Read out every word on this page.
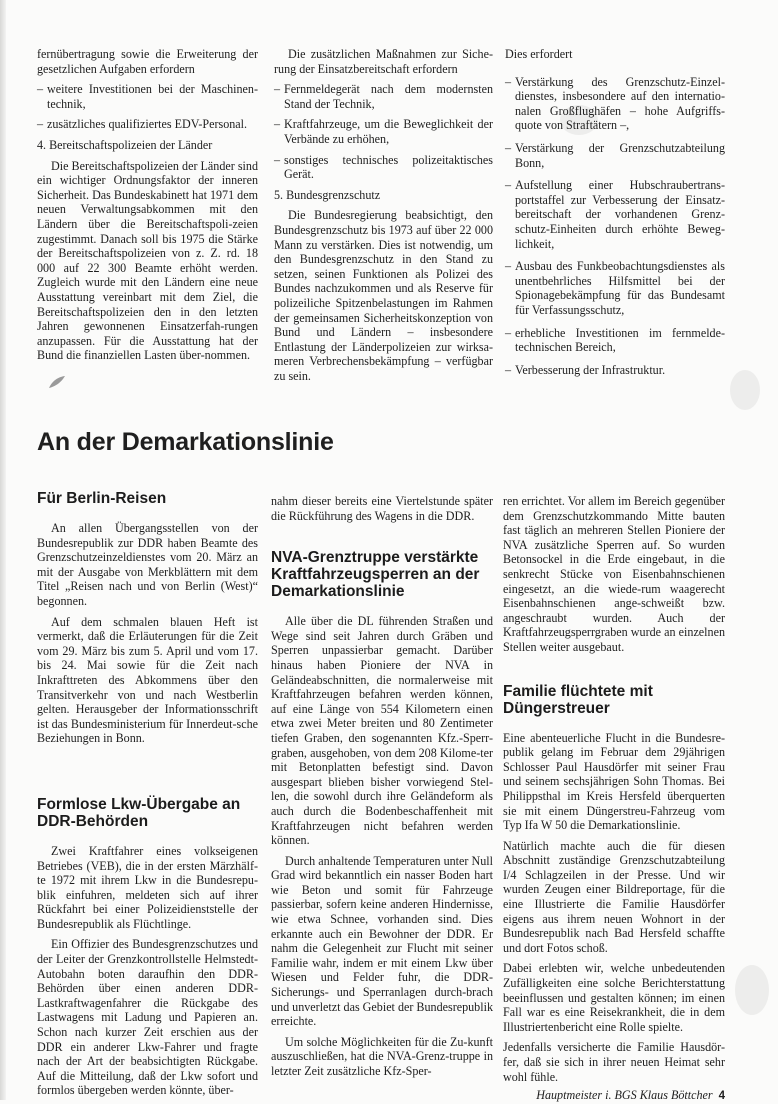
fernübertragung sowie die Erweiterung der gesetzlichen Aufgaben erfordern

– weitere Investitionen bei der Maschinen-technik,
– zusätzliches qualifiziertes EDV-Personal.
4. Bereitschaftspolizeien der Länder

Die Bereitschaftspolizeien der Länder sind ein wichtiger Ordnungsfaktor der inneren Sicherheit. Das Bundeskabinett hat 1971 dem neuen Verwaltungsabkommen mit den Ländern über die Bereitschaftspoli-zeien zugestimmt. Danach soll bis 1975 die Stärke der Bereitschaftspolizeien von z. Z. rd. 18 000 auf 22 300 Beamte erhöht werden. Zugleich wurde mit den Ländern eine neue Ausstattung vereinbart mit dem Ziel, die Bereitschaftspolizeien den in den letzten Jahren gewonnenen Einsatzerfah-rungen anzupassen. Für die Ausstattung hat der Bund die finanziellen Lasten über-nommen.

Die zusätzlichen Maßnahmen zur Siche-rung der Einsatzbereitschaft erfordern

– Fernmeldegerät nach dem modernsten Stand der Technik,
– Kraftfahrzeuge, um die Beweglichkeit der Verbände zu erhöhen,
– sonstiges technisches polizeitaktisches Gerät.
5. Bundesgrenzschutz

Die Bundesregierung beabsichtigt, den Bundesgrenzschutz bis 1973 auf über 22 000 Mann zu verstärken. Dies ist notwendig, um den Bundesgrenzschutz in den Stand zu setzen, seinen Funktionen als Polizei des Bundes nachzukommen und als Reserve für polizeiliche Spitzenbelastungen im Rahmen der gemeinsamen Sicherheitskonzeption von Bund und Ländern – insbesondere Entlastung der Länderpolizeien zur wirksa-meren Verbrechensbekämpfung – verfügbar zu sein.

Dies erfordert

– Verstärkung des Grenzschutz-Einzel-dienstes, insbesondere auf den internatio-nalen Großflughäfen – hohe Aufgriffs-quote von Straftätern –,
– Verstärkung der Grenzschutzabteilung Bonn,
– Aufstellung einer Hubschraubertrans-portstaffel zur Verbesserung der Einsatz-bereitschaft der vorhandenen Grenz-schutz-Einheiten durch erhöhte Beweg-lichkeit,
– Ausbau des Funkbeobachtungsdienstes als unentbehrliches Hilfsmittel bei der Spionagebekämpfung für das Bundesamt für Verfassungsschutz,
– erhebliche Investitionen im fernmelde-technischen Bereich,
– Verbesserung der Infrastruktur.
An der Demarkationslinie
Für Berlin-Reisen

An allen Übergangsstellen von der Bundesrepublik zur DDR haben Beamte des Grenzschutzeinzeldienstes vom 20. März an mit der Ausgabe von Merkblättern mit dem Titel „Reisen nach und von Berlin (West)“ begonnen.

Auf dem schmalen blauen Heft ist vermerkt, daß die Erläuterungen für die Zeit vom 29. März bis zum 5. April und vom 17. bis 24. Mai sowie für die Zeit nach Inkrafttreten des Abkommens über den Transitverkehr von und nach Westberlin gelten. Herausgeber der Informationsschrift ist das Bundesministerium für Innerdeut-sche Beziehungen in Bonn.

Formlose Lkw-Übergabe an DDR-Behörden

Zwei Kraftfahrer eines volkseigenen Betriebes (VEB), die in der ersten Märzhälf-te 1972 mit ihrem Lkw in die Bundesrepu-blik einfuhren, meldeten sich auf ihrer Rückfahrt bei einer Polizeidienststelle der Bundesrepublik als Flüchtlinge.

Ein Offizier des Bundesgrenzschutzes und der Leiter der Grenzkontrollstelle Helmstedt-Autobahn boten daraufhin den DDR-Behörden über einen anderen DDR-Lastkraftwagenfahrer die Rückgabe des Lastwagens mit Ladung und Papieren an. Schon nach kurzer Zeit erschien aus der DDR ein anderer Lkw-Fahrer und fragte nach der Art der beabsichtigten Rückgabe. Auf die Mitteilung, daß der Lkw sofort und formlos übergeben werden könnte, über-

nahm dieser bereits eine Viertelstunde später die Rückführung des Wagens in die DDR.

NVA-Grenztruppe verstärkte Kraftfahrzeugsperren an der Demarkationslinie

Alle über die DL führenden Straßen und Wege sind seit Jahren durch Gräben und Sperren unpassierbar gemacht. Darüber hinaus haben Pioniere der NVA in Geländeabschnitten, die normalerweise mit Kraftfahrzeugen befahren werden können, auf eine Länge von 554 Kilometern einen etwa zwei Meter breiten und 80 Zentimeter tiefen Graben, den sogenannten Kfz.-Sperr-graben, ausgehoben, von dem 208 Kilome-ter mit Betonplatten befestigt sind. Davon ausgespart blieben bisher vorwiegend Stel-len, die sowohl durch ihre Geländeform als auch durch die Bodenbeschaffenheit mit Kraftfahrzeugen nicht befahren werden können.

Durch anhaltende Temperaturen unter Null Grad wird bekanntlich ein nasser Boden hart wie Beton und somit für Fahrzeuge passierbar, sofern keine anderen Hindernisse, wie etwa Schnee, vorhanden sind. Dies erkannte auch ein Bewohner der DDR. Er nahm die Gelegenheit zur Flucht mit seiner Familie wahr, indem er mit einem Lkw über Wiesen und Felder fuhr, die DDR-Sicherungs- und Sperranlagen durch-brach und unverletzt das Gebiet der Bundesrepublik erreichte.

Um solche Möglichkeiten für die Zu-kunft auszuschließen, hat die NVA-Grenz-truppe in letzter Zeit zusätzliche Kfz-Sper-

ren errichtet. Vor allem im Bereich gegenüber dem Grenzschutzkommando Mitte bauten fast täglich an mehreren Stellen Pioniere der NVA zusätzliche Sperren auf. So wurden Betonsockel in die Erde eingebaut, in die senkrecht Stücke von Eisenbahnschienen eingesetzt, an die wiede-rum waagerecht Eisenbahnschienen ange-schweißt bzw. angeschraubt wurden. Auch der Kraftfahrzeugsperrgraben wurde an einzelnen Stellen weiter ausgebaut.

Familie flüchtete mit Düngerstreuer

Eine abenteuerliche Flucht in die Bundesre-publik gelang im Februar dem 29jährigen Schlosser Paul Hausdörfer mit seiner Frau und seinem sechsjährigen Sohn Thomas. Bei Philippsthal im Kreis Hersfeld überquerten sie mit einem Düngerstreu-Fahrzeug vom Typ Ifa W 50 die Demarkationslinie.

Natürlich machte auch die für diesen Abschnitt zuständige Grenzschutzabteilung I/4 Schlagzeilen in der Presse. Und wir wurden Zeugen einer Bildreportage, für die eine Illustrierte die Familie Hausdörfer eigens aus ihrem neuen Wohnort in der Bundesrepublik nach Bad Hersfeld schaffte und dort Fotos schoß.

Dabei erlebten wir, welche unbedeutenden Zufälligkeiten eine solche Berichterstattung beeinflussen und gestalten können; im einen Fall war es eine Reisekrankheit, die in dem Illustriertenbericht eine Rolle spielte.

Jedenfalls versicherte die Familie Hausdör-fer, daß sie sich in ihrer neuen Heimat sehr wohl fühle.

Hauptmeister i. BGS Klaus Böttcher 4
